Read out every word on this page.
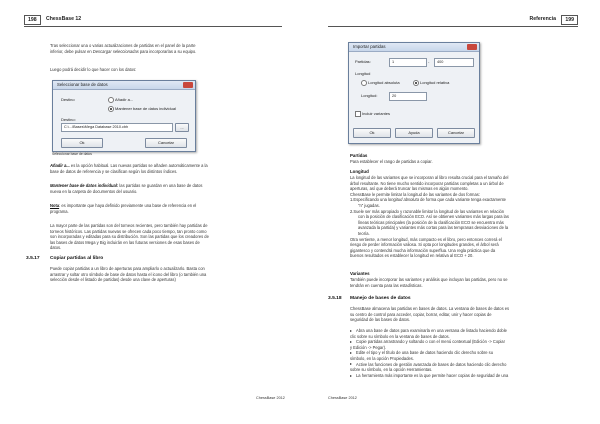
198	ChessBase 12

Tras seleccionar una o varias actualizaciones de partidas en el panel de la parte
inferior, debe pulsar en Descargar seleccionadas para incorporarlas a su equipo.

Luego podrá decidir lo que hacer con los datos:

Seleccionar base de datos
Destino	Añadir a...
Mantener base de datos individual
Destino:
C:\...\Bases\Mega Database 2010.cbh	...
Ok	Cancelar
Seleccionar base de datos

Añadir a... es la opción habitual. Las nuevas partidas se añaden automáticamente a la
base de datos de referencia y se clasifican según los distintos índices.

Mantener base de datos individual: las partidas se guardan en una base de datos
nueva en la carpeta de documentos del usuario.

Nota: es importante que haya definido previamente una base de referencia en el
programa.

La mayor parte de las partidas son del torneos recientes, pero también hay partidas de
torneos históricos. Las partidas nuevas se ofrecen cada poco tiempo, tan pronto como
son incorporadas y editadas para su distribución. Son las partidas que los creadores de
las bases de datos Mega y Big incluirán en las futuras versiones de esas bases de
datos.

3.5.17 Copiar partidas al libro

Puede copiar partidas a un libro de aperturas para ampliarlo o actualizarlo. Basta con
arrastrar y soltar otro símbolo de base de datos hasta el icono del libro (o también una
selección desde el listado de partidas) desde una clave de aperturas)

ChessBase 2012
Referencia	199
Importar partidas
Partidas:	1	-	400
Longitud
Longitud absoluta	Longitud relativa
Longitud:	20
Incluir variantes
Ok	Ayuda	Cancelar
Partidas

Para establecer el rango de partidas a copiar.

Longitud

La longitud de las variantes que se incorporan al libro resulta crucial para el tamaño del
árbol resultante. No tiene mucho sentido incorporar partidas completas a un árbol de
aperturas, así que deberá truncar las mismas en algún momento.
ChessBase le permite limitar la longitud de las variantes de dos formas:
1.Especificando una longitud absoluta de forma que cada variante tenga exactamente
"n" jugadas.
2.Suele ser más apropiado y razonable limitar la longitud de las variantes en relación
con la posición de clasificación ECO. Así se obtienen variantes más largas para las
líneas teóricas principales (la posición de la clasificación ECO se encuentra más
avanzada la partida) y variantes más cortas para las tempranas desviaciones de la
teoría.
Otra vertiente, a menor longitud, más compacto es el libro, pero entonces correrá el
riesgo de perder información valiosa. Si opta por longitudes grandes, el árbol será
gigantesco y contendrá mucha información superflua. Una regla práctica que da
buenos resultados es establecer la longitud en relativa al ECO + 20.

Variantes

También puede incorporar las variantes y análisis que incluyan las partidas, pero no se
tendrán en cuenta para las estadísticas.

3.5.18 Manejo de bases de datos

ChessBase almacena las partidas en bases de datos. La ventana de bases de datos es
su centro de control para acceder, copiar, borrar, editar, unir y hacer copias de
seguridad de las bases de datos.

Abra una base de datos para examinarla en una ventana de listado haciendo doble
clic sobre su símbolo en la ventana de bases de datos.

Copie partidas arrastrando y soltando o con el menú contextual (Edición -> Copiar
y Edición -> Pegar).

Edite el tipo y el título de una base de datos haciendo clic derecho sobre su
símbolo, en la opción Propiedades.

Active las funciones de gestión avanzada de bases de datos haciendo clic derecho
sobre su símbolo, en la opción Herramientas.

La herramienta más importante es la que permite hacer copias de seguridad de una

ChessBase 2012
